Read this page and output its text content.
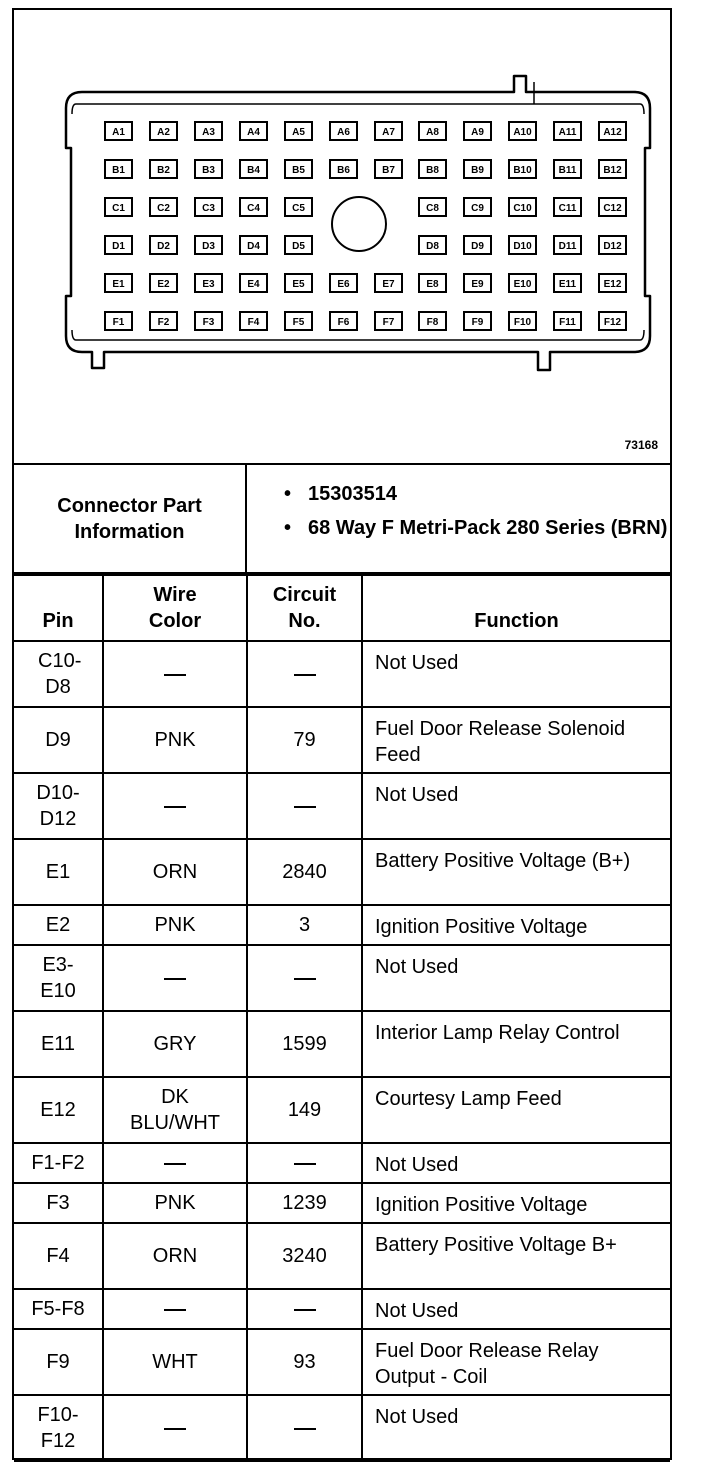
A1	A2	A3	A4	A5	A6	A7	A8	A9	A10	A11	A12
B1	B2	B3	B4	B5	B6	B7	B8	B9	B10	B11	B12
C1	C2	C3	C4	C5	C8	C9	C10	C11	C12
D1	D2	D3	D4	D5	D8	D9	D10	D11	D12
E1	E2	E3	E4	E5	E6	E7	E8	E9	E10	E11	E12
F1	F2	F3	F4	F5	F6	F7	F8	F9	F10	F11	F12
73168
Connector Part Information
• 15303514
• 68 Way F Metri-Pack 280 Series (BRN)
Pin	Wire Color	Circuit No.	Function

C10-D8			Not Used

D9	PNK	79	Fuel Door Release Solenoid Feed

D10-D12			Not Used

E1	ORN	2840	Battery Positive Voltage (B+)

E2	PNK	3	Ignition Positive Voltage

E3-E10			Not Used

E11	GRY	1599	Interior Lamp Relay Control

E12	DK BLU/WHT	149	Courtesy Lamp Feed

F1-F2			Not Used

F3	PNK	1239	Ignition Positive Voltage

F4	ORN	3240	Battery Positive Voltage B+

F5-F8			Not Used

F9	WHT	93	Fuel Door Release Relay Output - Coil

F10-F12			Not Used
